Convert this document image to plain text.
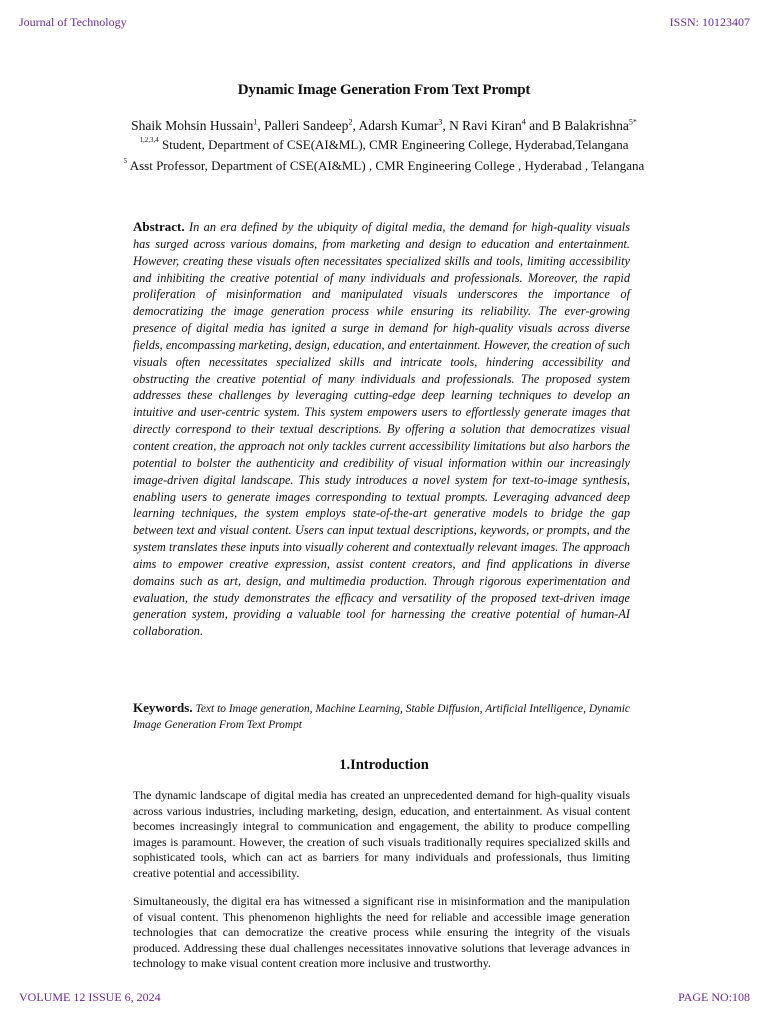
Journal of Technology	ISSN: 10123407
Dynamic Image Generation From Text Prompt
Shaik Mohsin Hussain$^1$, Palleri Sandeep$^2$, Adarsh Kumar$^3$, N Ravi Kiran$^4$ and B Balakrishna$^{5*}$
$^{1,2,3,4}$ Student, Department of CSE(AI&ML), CMR Engineering College, Hyderabad,Telangana
$^5$ Asst Professor, Department of CSE(AI&ML) , CMR Engineering College , Hyderabad , Telangana
Abstract. In an era defined by the ubiquity of digital media, the demand for high-quality visuals has surged across various domains, from marketing and design to education and entertainment. However, creating these visuals often necessitates specialized skills and tools, limiting accessibility and inhibiting the creative potential of many individuals and professionals. Moreover, the rapid proliferation of misinformation and manipulated visuals underscores the importance of democratizing the image generation process while ensuring its reliability. The ever-growing presence of digital media has ignited a surge in demand for high-quality visuals across diverse fields, encompassing marketing, design, education, and entertainment. However, the creation of such visuals often necessitates specialized skills and intricate tools, hindering accessibility and obstructing the creative potential of many individuals and professionals. The proposed system addresses these challenges by leveraging cutting-edge deep learning techniques to develop an intuitive and user-centric system. This system empowers users to effortlessly generate images that directly correspond to their textual descriptions. By offering a solution that democratizes visual content creation, the approach not only tackles current accessibility limitations but also harbors the potential to bolster the authenticity and credibility of visual information within our increasingly image-driven digital landscape. This study introduces a novel system for text-to-image synthesis, enabling users to generate images corresponding to textual prompts. Leveraging advanced deep learning techniques, the system employs state-of-the-art generative models to bridge the gap between text and visual content. Users can input textual descriptions, keywords, or prompts, and the system translates these inputs into visually coherent and contextually relevant images. The approach aims to empower creative expression, assist content creators, and find applications in diverse domains such as art, design, and multimedia production. Through rigorous experimentation and evaluation, the study demonstrates the efficacy and versatility of the proposed text-driven image generation system, providing a valuable tool for harnessing the creative potential of human-AI collaboration.
Keywords. Text to Image generation, Machine Learning, Stable Diffusion, Artificial Intelligence, Dynamic Image Generation From Text Prompt
1.Introduction
The dynamic landscape of digital media has created an unprecedented demand for high-quality visuals across various industries, including marketing, design, education, and entertainment. As visual content becomes increasingly integral to communication and engagement, the ability to produce compelling images is paramount. However, the creation of such visuals traditionally requires specialized skills and sophisticated tools, which can act as barriers for many individuals and professionals, thus limiting creative potential and accessibility.
Simultaneously, the digital era has witnessed a significant rise in misinformation and the manipulation of visual content. This phenomenon highlights the need for reliable and accessible image generation technologies that can democratize the creative process while ensuring the integrity of the visuals produced. Addressing these dual challenges necessitates innovative solutions that leverage advances in technology to make visual content creation more inclusive and trustworthy.
VOLUME 12 ISSUE 6, 2024	PAGE NO:108
